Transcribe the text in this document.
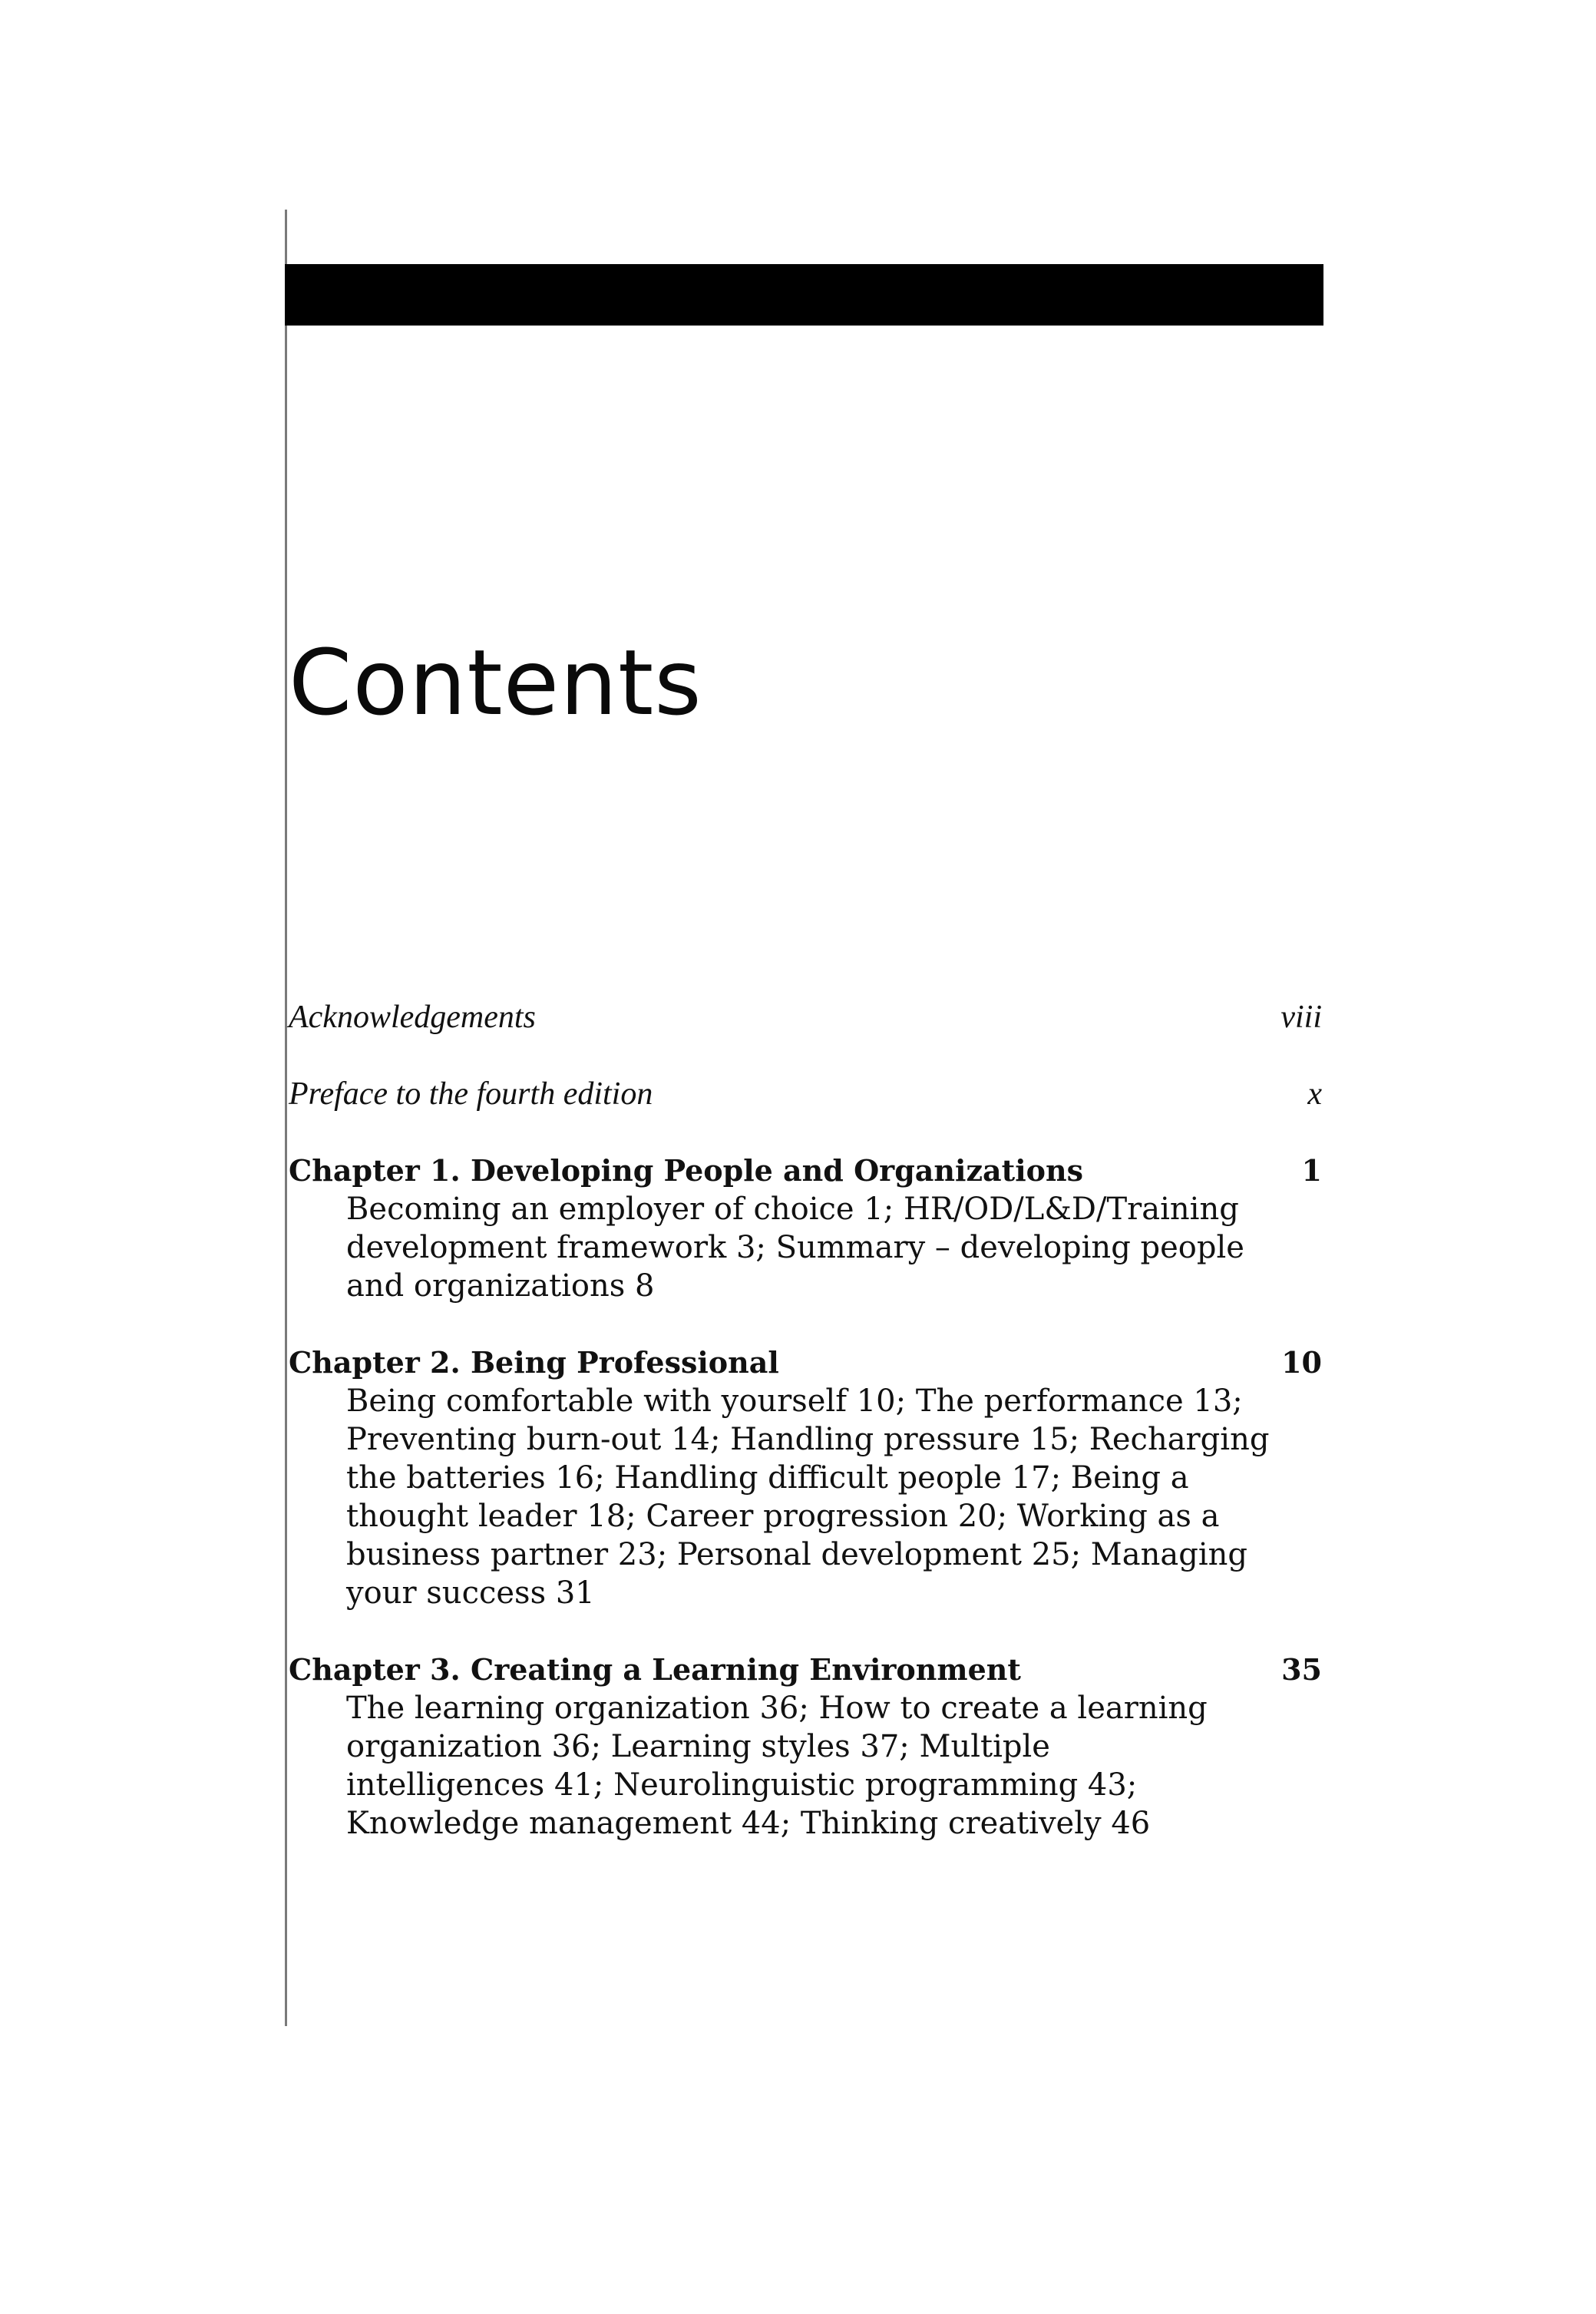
Contents
Acknowledgements	viii
Preface to the fourth edition	x
Chapter 1. Developing People and Organizations	1

Becoming an employer of choice 1; HR/OD/L&D/Training
development framework 3; Summary – developing people
and organizations 8

Chapter 2. Being Professional	10

Being comfortable with yourself 10; The performance 13;
Preventing burn-out 14; Handling pressure 15; Recharging
the batteries 16; Handling difficult people 17; Being a
thought leader 18; Career progression 20; Working as a
business partner 23; Personal development 25; Managing
your success 31

Chapter 3. Creating a Learning Environment	35

The learning organization 36; How to create a learning
organization 36; Learning styles 37; Multiple
intelligences 41; Neurolinguistic programming 43;
Knowledge management 44; Thinking creatively 46
